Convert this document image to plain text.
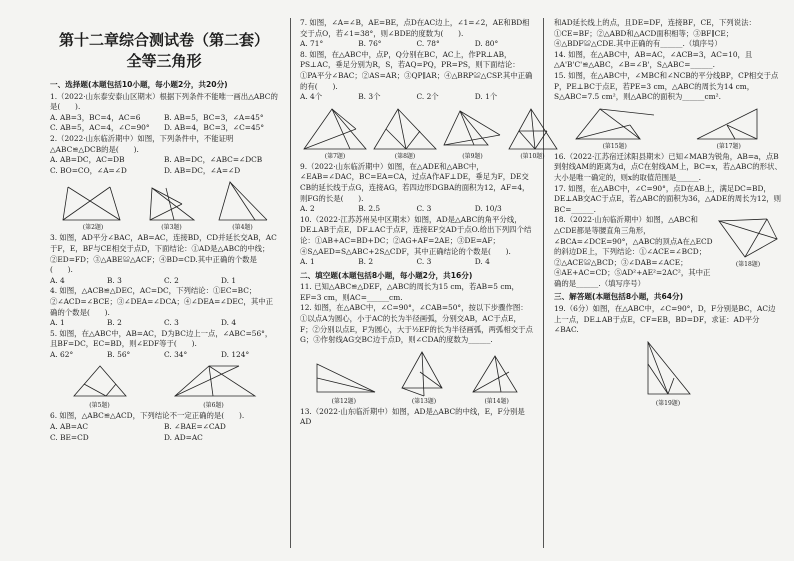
第十二章综合测试卷（第二套）
全等三角形
一、选择题(本题包括10小题，每小题2分，共20分)

1.（2022·山东泰安泰山区期末）根据下列条件不能唯一画出△ABC的是(　　).

A. AB=3，BC=4，AC=6	B. AB=5，BC=3，∠A=45°
C. AB=5，AC=4，∠C=90°	D. AB=4，BC=3，∠C=45°

2.（2022·山东临沂期中）如图，下列条件中，不能证明△ABC≌△DCB的是(　　).

A. AB=DC，AC=DB	B. AB=DC，∠ABC=∠DCB
C. BO=CO，∠A=∠D	D. AB=DC，∠A=∠D
(第2题)	(第3题)	(第4题)

3. 如图，AD平分∠BAC，AB=AC，连接BD，CD并延长交AB，AC于F，E，BF与CE相交于点D，下面结论：①AD是△ABC的中线；②ED=FD；③△ABE≌△ACF；④BD=CD.其中正确的个数是(　　).

A. 4	B. 3	C. 2	D. 1

4. 如图，△ACB≌△DEC，AC=DC，下列结论：①EC=BC；②∠ACD=∠BCE；③∠DEA=∠DCA；④∠DEA=∠DEC，其中正确的个数是(　　).

A. 1	B. 2	C. 3	D. 4

5. 如图，在△ABC中，AB=AC，D为BC边上一点，∠ABC=56°，且BF=DC，EC=BD，则∠EDF等于(　　).

A. 62°	B. 56°	C. 34°	D. 124°
(第5题)	(第6题)

6. 如图，△ABC≌△ACD，下列结论不一定正确的是(　　).

A. AB=AC	B. ∠BAE=∠CAD
C. BE=CD	D. AD=AC

7. 如图，∠A=∠B，AE=BE，点D在AC边上，∠1=∠2，AE和BD相交于点O，若∠1=38°，则∠BDE的度数为(　　).

A. 71°	B. 76°	C. 78°	D. 80°

8. 如图，在△ABC中，点P，Q分别在BC，AC上，作PR⊥AB，PS⊥AC，垂足分别为R，S，若AQ=PQ，PR=PS，则下面结论：①PA平分∠BAC；②AS=AR；③QP∥AR；④△BRP≌△CSP.其中正确的有(　　).

A. 4个	B. 3个	C. 2个	D. 1个
(第7题)	(第8题)	(第9题)	(第10题)

9.（2022·山东临沂期中）如图，在△ADE和△ABC中，∠EAB=∠DAC，BC=EA=CA，过点A作AF⊥DE，垂足为F，DE交CB的延长线于点G，连接AG，若四边形DGBA的面积为12，AF=4，则FG的长是(　　).

A. 2	B. 2.5	C. 3	D. 10/3

10.（2022·江苏苏州吴中区期末）如图，AD是△ABC的角平分线，DE⊥AB于点E，DF⊥AC于点F，连接EF交AD于点O.给出下列四个结论：①AB+AC=BD+DC；②AG+AF=2AE；③DE=AF；④S△AED=S△ABC+2S△CDF，其中正确结论的个数是(　　).

A. 1	B. 2	C. 3	D. 4
二、填空题(本题包括8小题，每小题2分，共16分)

11. 已知△ABC≌△DEF，△ABC的周长为15 cm，若AB=5 cm，EF=3 cm，则AC=______cm.

12. 如图，在△ABC中，∠C=90°，∠CAB=50°，按以下步骤作图：①以点A为圆心，小于AC的长为半径画弧，分别交AB，AC于点E，F；②分别以点E，F为圆心，大于½EF的长为半径画弧，两弧相交于点G；③作射线AG交BC边于点D，则∠CDA的度数为______.

(第12题)	(第13题)	(第14题)

13.（2022·山东临沂期中）如图，AD是△ABC的中线，E，F分别是AD

和AD延长线上的点，且DE=DF，连接BF，CE，下列说法：①CE=BF；②△ABD和△ACD面积相等；③BF∥CE；④△BDF≌△CDE.其中正确的有______.（填序号）

14. 如图，在△ABC中，AB=AC，∠ACB=3，AC=10，且△A'B'C'≌△ABC，∠B=∠B'，S△ABC=______.

15. 如图，在△ABC中，∠MBC和∠NCB的平分线BP，CP相交于点P，PE⊥BC于点E，若PE=3 cm，△ABC的周长为14 cm，S△ABC=7.5 cm²，则△ABC的面积为______cm².

(第15题)	(第17题)

16.（2022·江苏宿迁沭阳县期末）已知∠MAB为锐角，AB=a，点B到射线AM的距离为d，点C在射线AM上，BC=x，若△ABC的形状、大小是唯一确定的，则x的取值范围是______.

17. 如图，在△ABC中，∠C=90°，点D在AB上，满足DC=BD，DE⊥AB交AC于点E，若△ABC的面积为36，△ADE的周长为12，则BC=______.

18.（2022·山东临沂期中）如图，△ABC和△CDE都是等腰直角三角形，∠BCA=∠DCE=90°，△ABC的顶点A在△ECD的斜边DE上，下列结论：①∠ACE=∠BCD；②△ACE≌△BCD；③∠DAB=∠ACE；④AE+AC=CD；⑤AD²+AE²=2AC²，其中正确的是______.（填写序号）

(第18题)
三、解答题(本题包括8小题，共64分)

19.（6分）如图，在△ABC中，∠C=90°，D，F分别是BC，AC边上一点，DE⊥AB于点E，CF=EB，BD=DF，求证：AD平分∠BAC.

(第19题)
